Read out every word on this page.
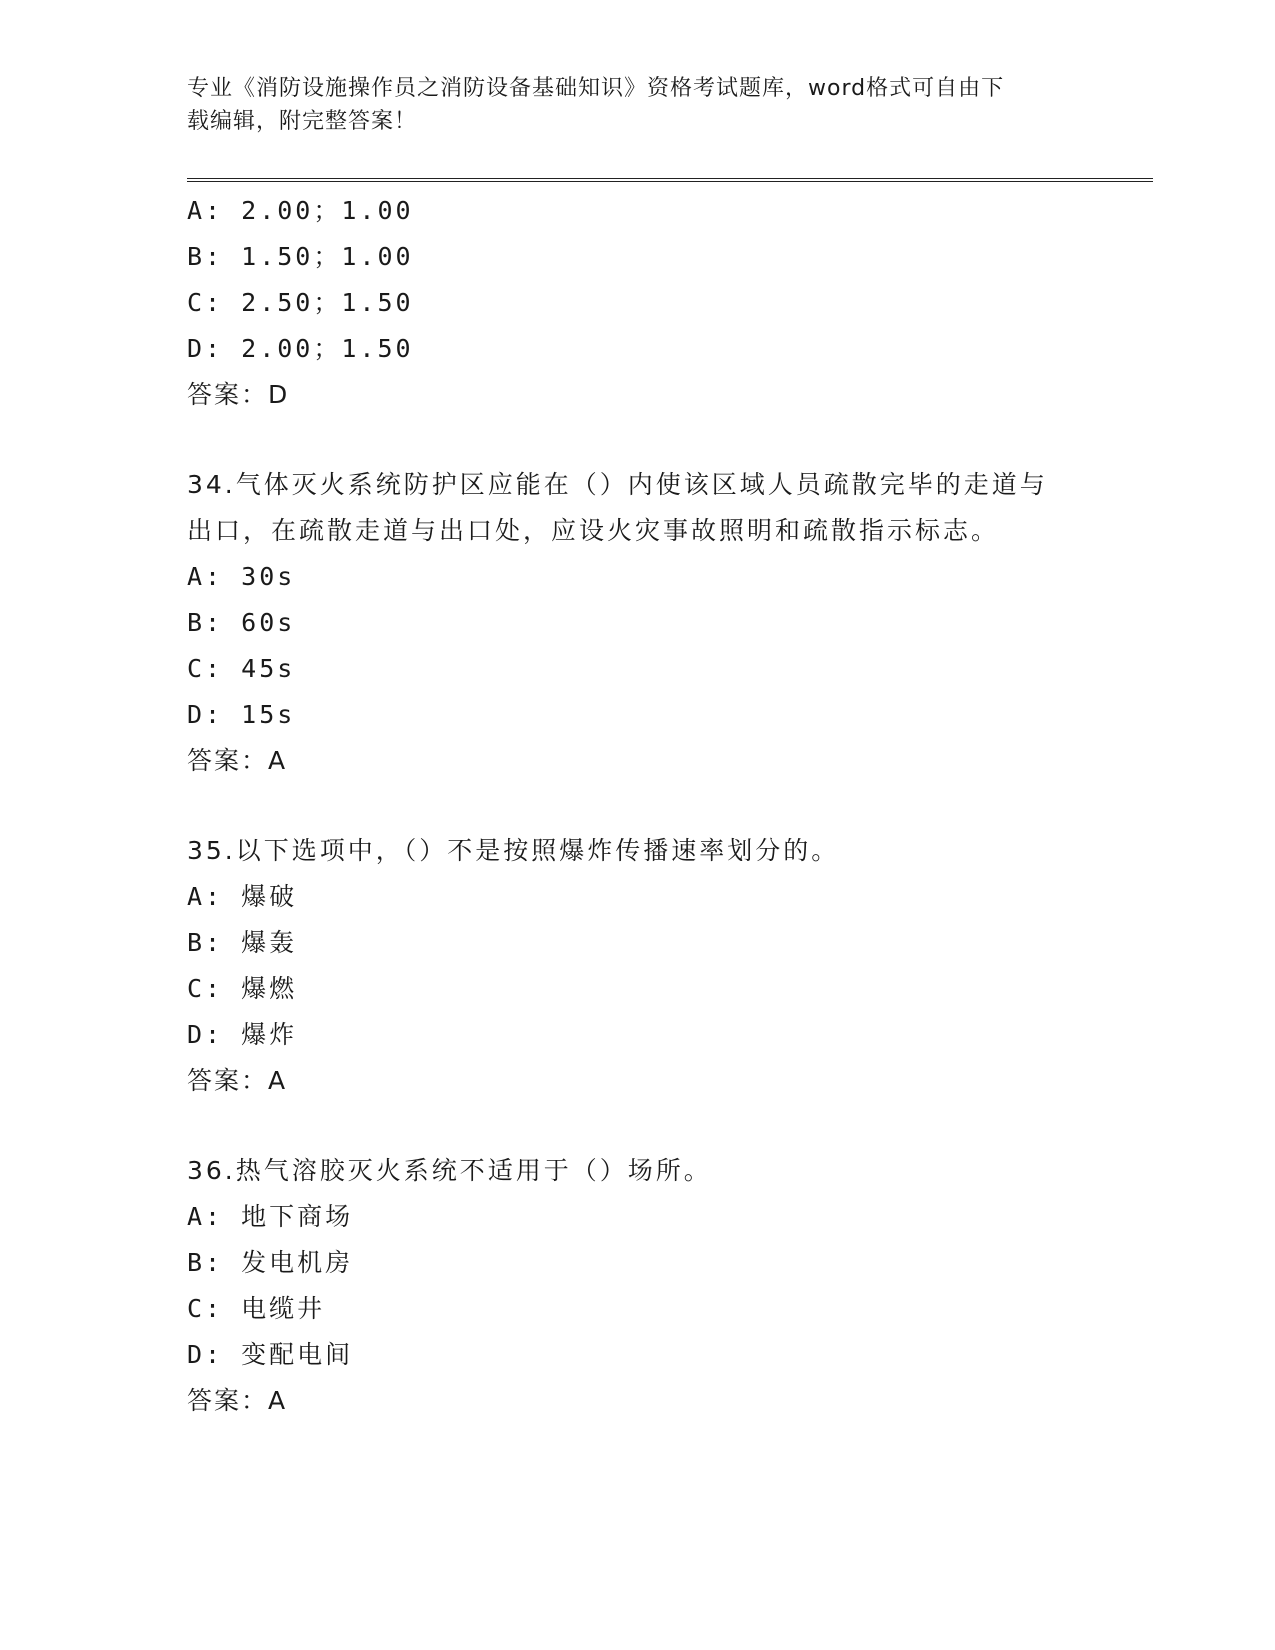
专业《消防设施操作员之消防设备基础知识》资格考试题库，word格式可自由下
载编辑，附完整答案！
A: 2.00；1.00
B: 1.50；1.00
C: 2.50；1.50
D: 2.00；1.50
答案：D
34.气体灭火系统防护区应能在（）内使该区域人员疏散完毕的走道与
出口，在疏散走道与出口处，应设火灾事故照明和疏散指示标志。
A: 30s
B: 60s
C: 45s
D: 15s
答案：A
35.以下选项中，（）不是按照爆炸传播速率划分的。
A: 爆破
B: 爆轰
C: 爆燃
D: 爆炸
答案：A
36.热气溶胶灭火系统不适用于（）场所。
A: 地下商场
B: 发电机房
C: 电缆井
D: 变配电间
答案：A
